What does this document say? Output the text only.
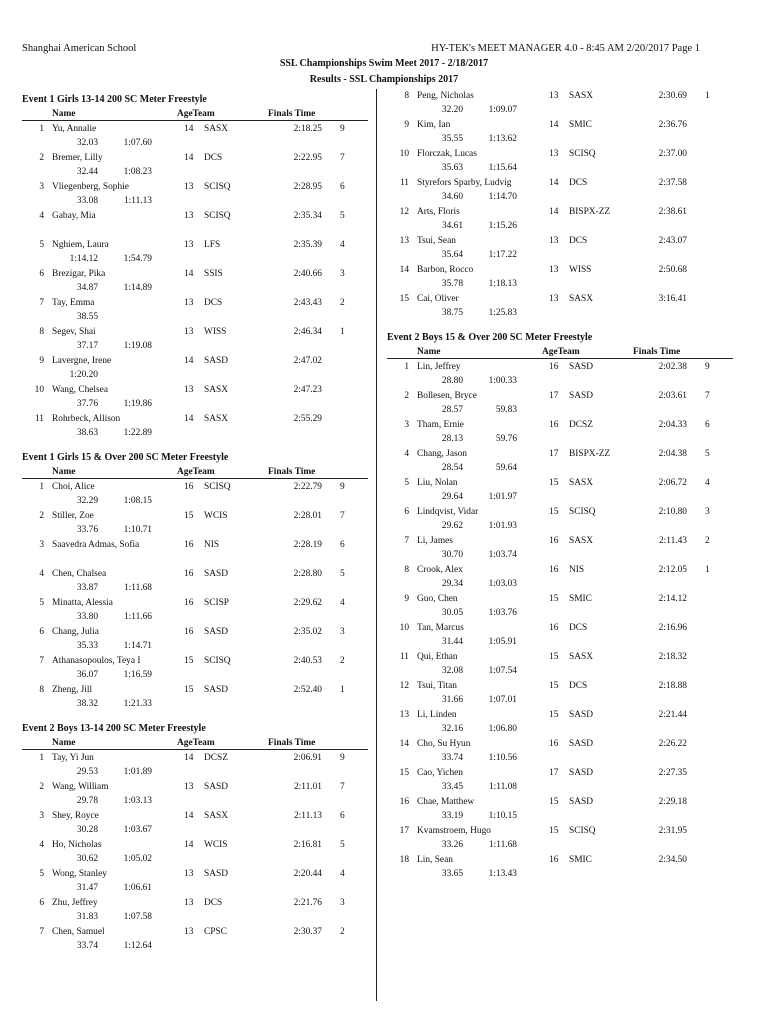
Shanghai American School	HY-TEK's MEET MANAGER 4.0 - 8:45 AM 2/20/2017 Page 1
SSL Championships Swim Meet 2017 - 2/18/2017
Results - SSL Championships 2017
Event 1 Girls 13-14 200 SC Meter Freestyle
Name	AgeTeam	Finals Time
1 Yu, Annalie	14 SASX	2:18.25 9
32.03	1:07.60
2 Bremer, Lilly	14 DCS	2:22.95 7
32.44	1:08.23
3 Vliegenberg, Sophie	13 SCISQ	2:28.95 6
33.08	1:11.13
4 Gabay, Mia	13 SCISQ	2:35.34 5
5 Nghiem, Laura	13 LFS	2:35.39 4
1:14.12	1:54.79
6 Brezigar, Pika	14 SSIS	2:40.66 3
34.87	1:14.89
7 Tay, Emma	13 DCS	2:43.43 2
38.55
8 Segev, Shai	13 WISS	2:46.34 1
37.17	1:19.08
9 Lavergne, Irene	14 SASD	2:47.02
1:20.20
10 Wang, Chelsea	13 SASX	2:47.23
37.76	1:19.86
11 Rohrbeck, Allison	14 SASX	2:55.29
38.63	1:22.89
Event 1 Girls 15 & Over 200 SC Meter Freestyle
Name	AgeTeam	Finals Time
1 Choi, Alice	16 SCISQ	2:22.79 9
32.29	1:08.15
2 Stiller, Zoe	15 WCIS	2:28.01 7
33.76	1:10.71
3 Saavedra Admas, Sofia	16 NIS	2:28.19 6
4 Chen, Chalsea	16 SASD	2:28.80 5
33.87	1:11.68
5 Minatta, Alessia	16 SCISP	2:29.62 4
33.80	1:11.66
6 Chang, Julia	16 SASD	2:35.02 3
35.33	1:14.71
7 Athanasopoulos, Teya I	15 SCISQ	2:40.53 2
36.07	1:16.59
8 Zheng, Jill	15 SASD	2:52.40 1
38.32	1:21.33
Event 2 Boys 13-14 200 SC Meter Freestyle
Name	AgeTeam	Finals Time
1 Tay, Yi Jun	14 DCSZ	2:06.91 9
29.53	1:01.89
2 Wang, William	13 SASD	2:11.01 7
29.78	1:03.13
3 Shey, Royce	14 SASX	2:11.13 6
30.28	1:03.67
4 Ho, Nicholas	14 WCIS	2:16.81 5
30.62	1:05.02
5 Wong, Stanley	13 SASD	2:20.44 4
31.47	1:06.61
6 Zhu, Jeffrey	13 DCS	2:21.76 3
31.83	1:07.58
7 Chen, Samuel	13 CPSC	2:30.37 2
33.74	1:12.64
8 Peng, Nicholas	13 SASX	2:30.69 1
32.20	1:09.07
9 Kim, Ian	14 SMIC	2:36.76
35.55	1:13.62
10 Florczak, Lucas	13 SCISQ	2:37.00
35.63	1:15.64
11 Styrefors Sparby, Ludvig	14 DCS	2:37.58
34.60	1:14.70
12 Arts, Floris	14 BISPX-ZZ	2:38.61
34.61	1:15.26
13 Tsui, Sean	13 DCS	2:43.07
35.64	1:17.22
14 Barbon, Rocco	13 WISS	2:50.68
35.78	1:18.13
15 Cai, Oliver	13 SASX	3:16.41
38.75	1:25.83
Event 2 Boys 15 & Over 200 SC Meter Freestyle
Name	AgeTeam	Finals Time
1 Lin, Jeffrey	16 SASD	2:02.38 9
28.80	1:00.33
2 Bollesen, Bryce	17 SASD	2:03.61 7
28.57	59.83
3 Tham, Ernie	16 DCSZ	2:04.33 6
28.13	59.76
4 Chang, Jason	17 BISPX-ZZ	2:04.38 5
28.54	59.64
5 Liu, Nolan	15 SASX	2:06.72 4
29.64	1:01.97
6 Lindqvist, Vidar	15 SCISQ	2:10.80 3
29.62	1:01.93
7 Li, James	16 SASX	2:11.43 2
30.70	1:03.74
8 Crook, Alex	16 NIS	2:12.05 1
29.34	1:03.03
9 Guo, Chen	15 SMIC	2:14.12
30.05	1:03.76
10 Tan, Marcus	16 DCS	2:16.96
31.44	1:05.91
11 Qui, Ethan	15 SASX	2:18.32
32.08	1:07.54
12 Tsui, Titan	15 DCS	2:18.88
31.66	1:07.01
13 Li, Linden	15 SASD	2:21.44
32.16	1:06.80
14 Cho, Su Hyun	16 SASD	2:26.22
33.74	1:10.56
15 Cao, Yichen	17 SASD	2:27.35
33.45	1:11.08
16 Chae, Matthew	15 SASD	2:29.18
33.19	1:10.15
17 Kvamstroem, Hugo	15 SCISQ	2:31.95
33.26	1:11.68
18 Lin, Sean	16 SMIC	2:34.50
33.65	1:13.43
